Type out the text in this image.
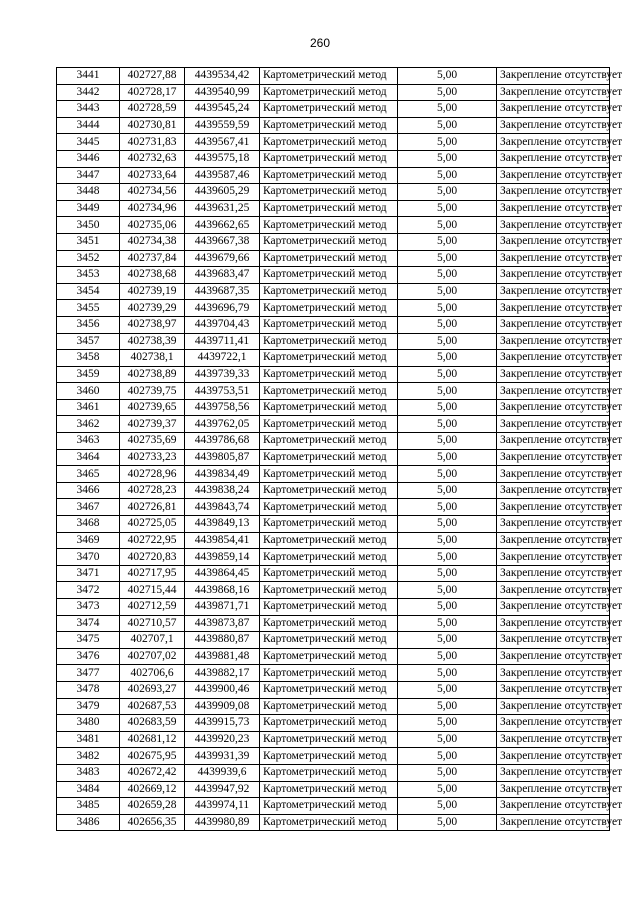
260
3441	402727,88	4439534,42	Картометрический метод	5,00	Закрепление отсутствует
3442	402728,17	4439540,99	Картометрический метод	5,00	Закрепление отсутствует
3443	402728,59	4439545,24	Картометрический метод	5,00	Закрепление отсутствует
3444	402730,81	4439559,59	Картометрический метод	5,00	Закрепление отсутствует
3445	402731,83	4439567,41	Картометрический метод	5,00	Закрепление отсутствует
3446	402732,63	4439575,18	Картометрический метод	5,00	Закрепление отсутствует
3447	402733,64	4439587,46	Картометрический метод	5,00	Закрепление отсутствует
3448	402734,56	4439605,29	Картометрический метод	5,00	Закрепление отсутствует
3449	402734,96	4439631,25	Картометрический метод	5,00	Закрепление отсутствует
3450	402735,06	4439662,65	Картометрический метод	5,00	Закрепление отсутствует
3451	402734,38	4439667,38	Картометрический метод	5,00	Закрепление отсутствует
3452	402737,84	4439679,66	Картометрический метод	5,00	Закрепление отсутствует
3453	402738,68	4439683,47	Картометрический метод	5,00	Закрепление отсутствует
3454	402739,19	4439687,35	Картометрический метод	5,00	Закрепление отсутствует
3455	402739,29	4439696,79	Картометрический метод	5,00	Закрепление отсутствует
3456	402738,97	4439704,43	Картометрический метод	5,00	Закрепление отсутствует
3457	402738,39	4439711,41	Картометрический метод	5,00	Закрепление отсутствует
3458	402738,1	4439722,1	Картометрический метод	5,00	Закрепление отсутствует
3459	402738,89	4439739,33	Картометрический метод	5,00	Закрепление отсутствует
3460	402739,75	4439753,51	Картометрический метод	5,00	Закрепление отсутствует
3461	402739,65	4439758,56	Картометрический метод	5,00	Закрепление отсутствует
3462	402739,37	4439762,05	Картометрический метод	5,00	Закрепление отсутствует
3463	402735,69	4439786,68	Картометрический метод	5,00	Закрепление отсутствует
3464	402733,23	4439805,87	Картометрический метод	5,00	Закрепление отсутствует
3465	402728,96	4439834,49	Картометрический метод	5,00	Закрепление отсутствует
3466	402728,23	4439838,24	Картометрический метод	5,00	Закрепление отсутствует
3467	402726,81	4439843,74	Картометрический метод	5,00	Закрепление отсутствует
3468	402725,05	4439849,13	Картометрический метод	5,00	Закрепление отсутствует
3469	402722,95	4439854,41	Картометрический метод	5,00	Закрепление отсутствует
3470	402720,83	4439859,14	Картометрический метод	5,00	Закрепление отсутствует
3471	402717,95	4439864,45	Картометрический метод	5,00	Закрепление отсутствует
3472	402715,44	4439868,16	Картометрический метод	5,00	Закрепление отсутствует
3473	402712,59	4439871,71	Картометрический метод	5,00	Закрепление отсутствует
3474	402710,57	4439873,87	Картометрический метод	5,00	Закрепление отсутствует
3475	402707,1	4439880,87	Картометрический метод	5,00	Закрепление отсутствует
3476	402707,02	4439881,48	Картометрический метод	5,00	Закрепление отсутствует
3477	402706,6	4439882,17	Картометрический метод	5,00	Закрепление отсутствует
3478	402693,27	4439900,46	Картометрический метод	5,00	Закрепление отсутствует
3479	402687,53	4439909,08	Картометрический метод	5,00	Закрепление отсутствует
3480	402683,59	4439915,73	Картометрический метод	5,00	Закрепление отсутствует
3481	402681,12	4439920,23	Картометрический метод	5,00	Закрепление отсутствует
3482	402675,95	4439931,39	Картометрический метод	5,00	Закрепление отсутствует
3483	402672,42	4439939,6	Картометрический метод	5,00	Закрепление отсутствует
3484	402669,12	4439947,92	Картометрический метод	5,00	Закрепление отсутствует
3485	402659,28	4439974,11	Картометрический метод	5,00	Закрепление отсутствует
3486	402656,35	4439980,89	Картометрический метод	5,00	Закрепление отсутствует
